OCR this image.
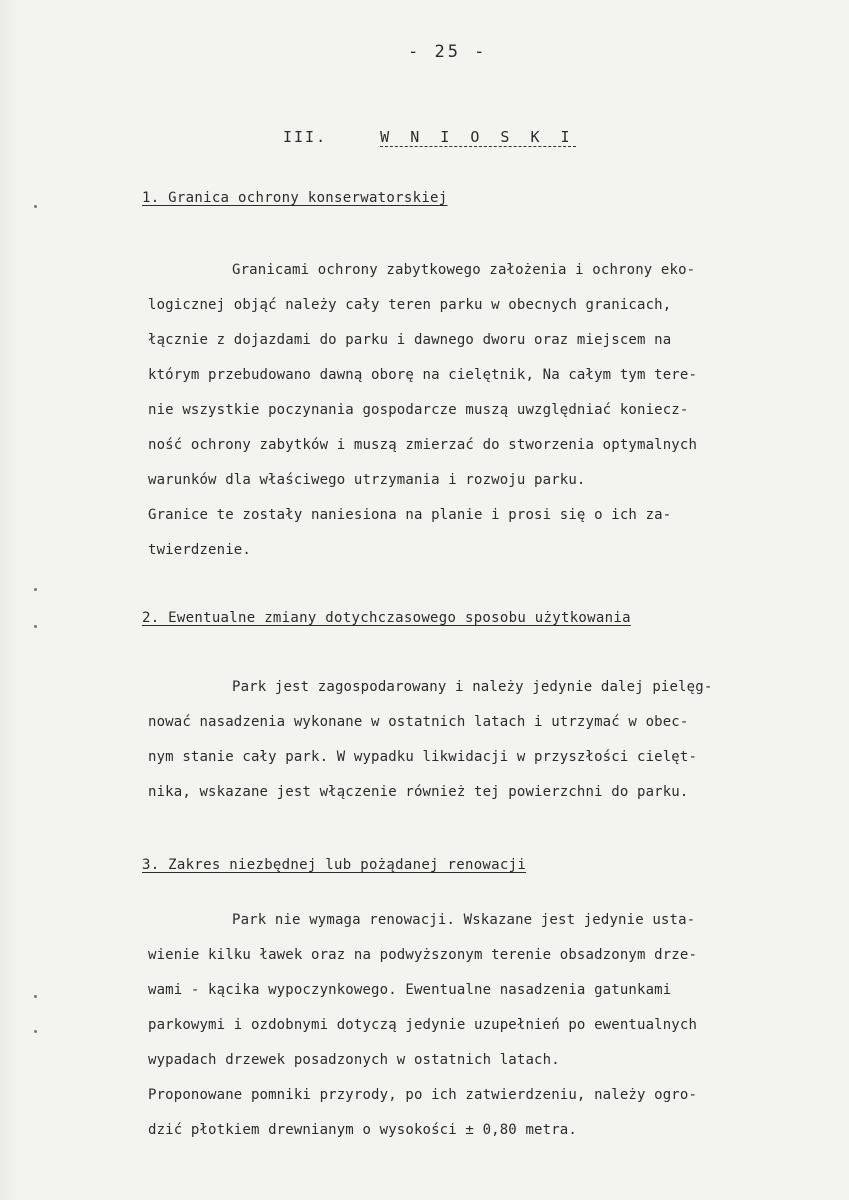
- 25 -
III.	W N I O S K I
1. Granica ochrony konserwatorskiej
Granicami ochrony zabytkowego założenia i ochrony eko-
logicznej objąć należy cały teren parku w obecnych granicach,
łącznie z dojazdami do parku i dawnego dworu oraz miejscem na
którym przebudowano dawną oborę na cielętnik, Na całym tym tere-
nie wszystkie poczynania gospodarcze muszą uwzględniać koniecz-
ność ochrony zabytków i muszą zmierzać do stworzenia optymalnych
warunków dla właściwego utrzymania i rozwoju parku.
Granice te zostały naniesiona na planie i prosi się o ich za-
twierdzenie.
2. Ewentualne zmiany dotychczasowego sposobu użytkowania
Park jest zagospodarowany i należy jedynie dalej pielęg-
nować nasadzenia wykonane w ostatnich latach i utrzymać w obec-
nym stanie cały park. W wypadku likwidacji w przyszłości cielęt-
nika, wskazane jest włączenie również tej powierzchni do parku.
3. Zakres niezbędnej lub pożądanej renowacji
Park nie wymaga renowacji. Wskazane jest jedynie usta-
wienie kilku ławek oraz na podwyższonym terenie obsadzonym drze-
wami - kącika wypoczynkowego. Ewentualne nasadzenia gatunkami
parkowymi i ozdobnymi dotyczą jedynie uzupełnień po ewentualnych
wypadach drzewek posadzonych w ostatnich latach.
Proponowane pomniki przyrody, po ich zatwierdzeniu, należy ogro-
dzić płotkiem drewnianym o wysokości ± 0,80 metra.
